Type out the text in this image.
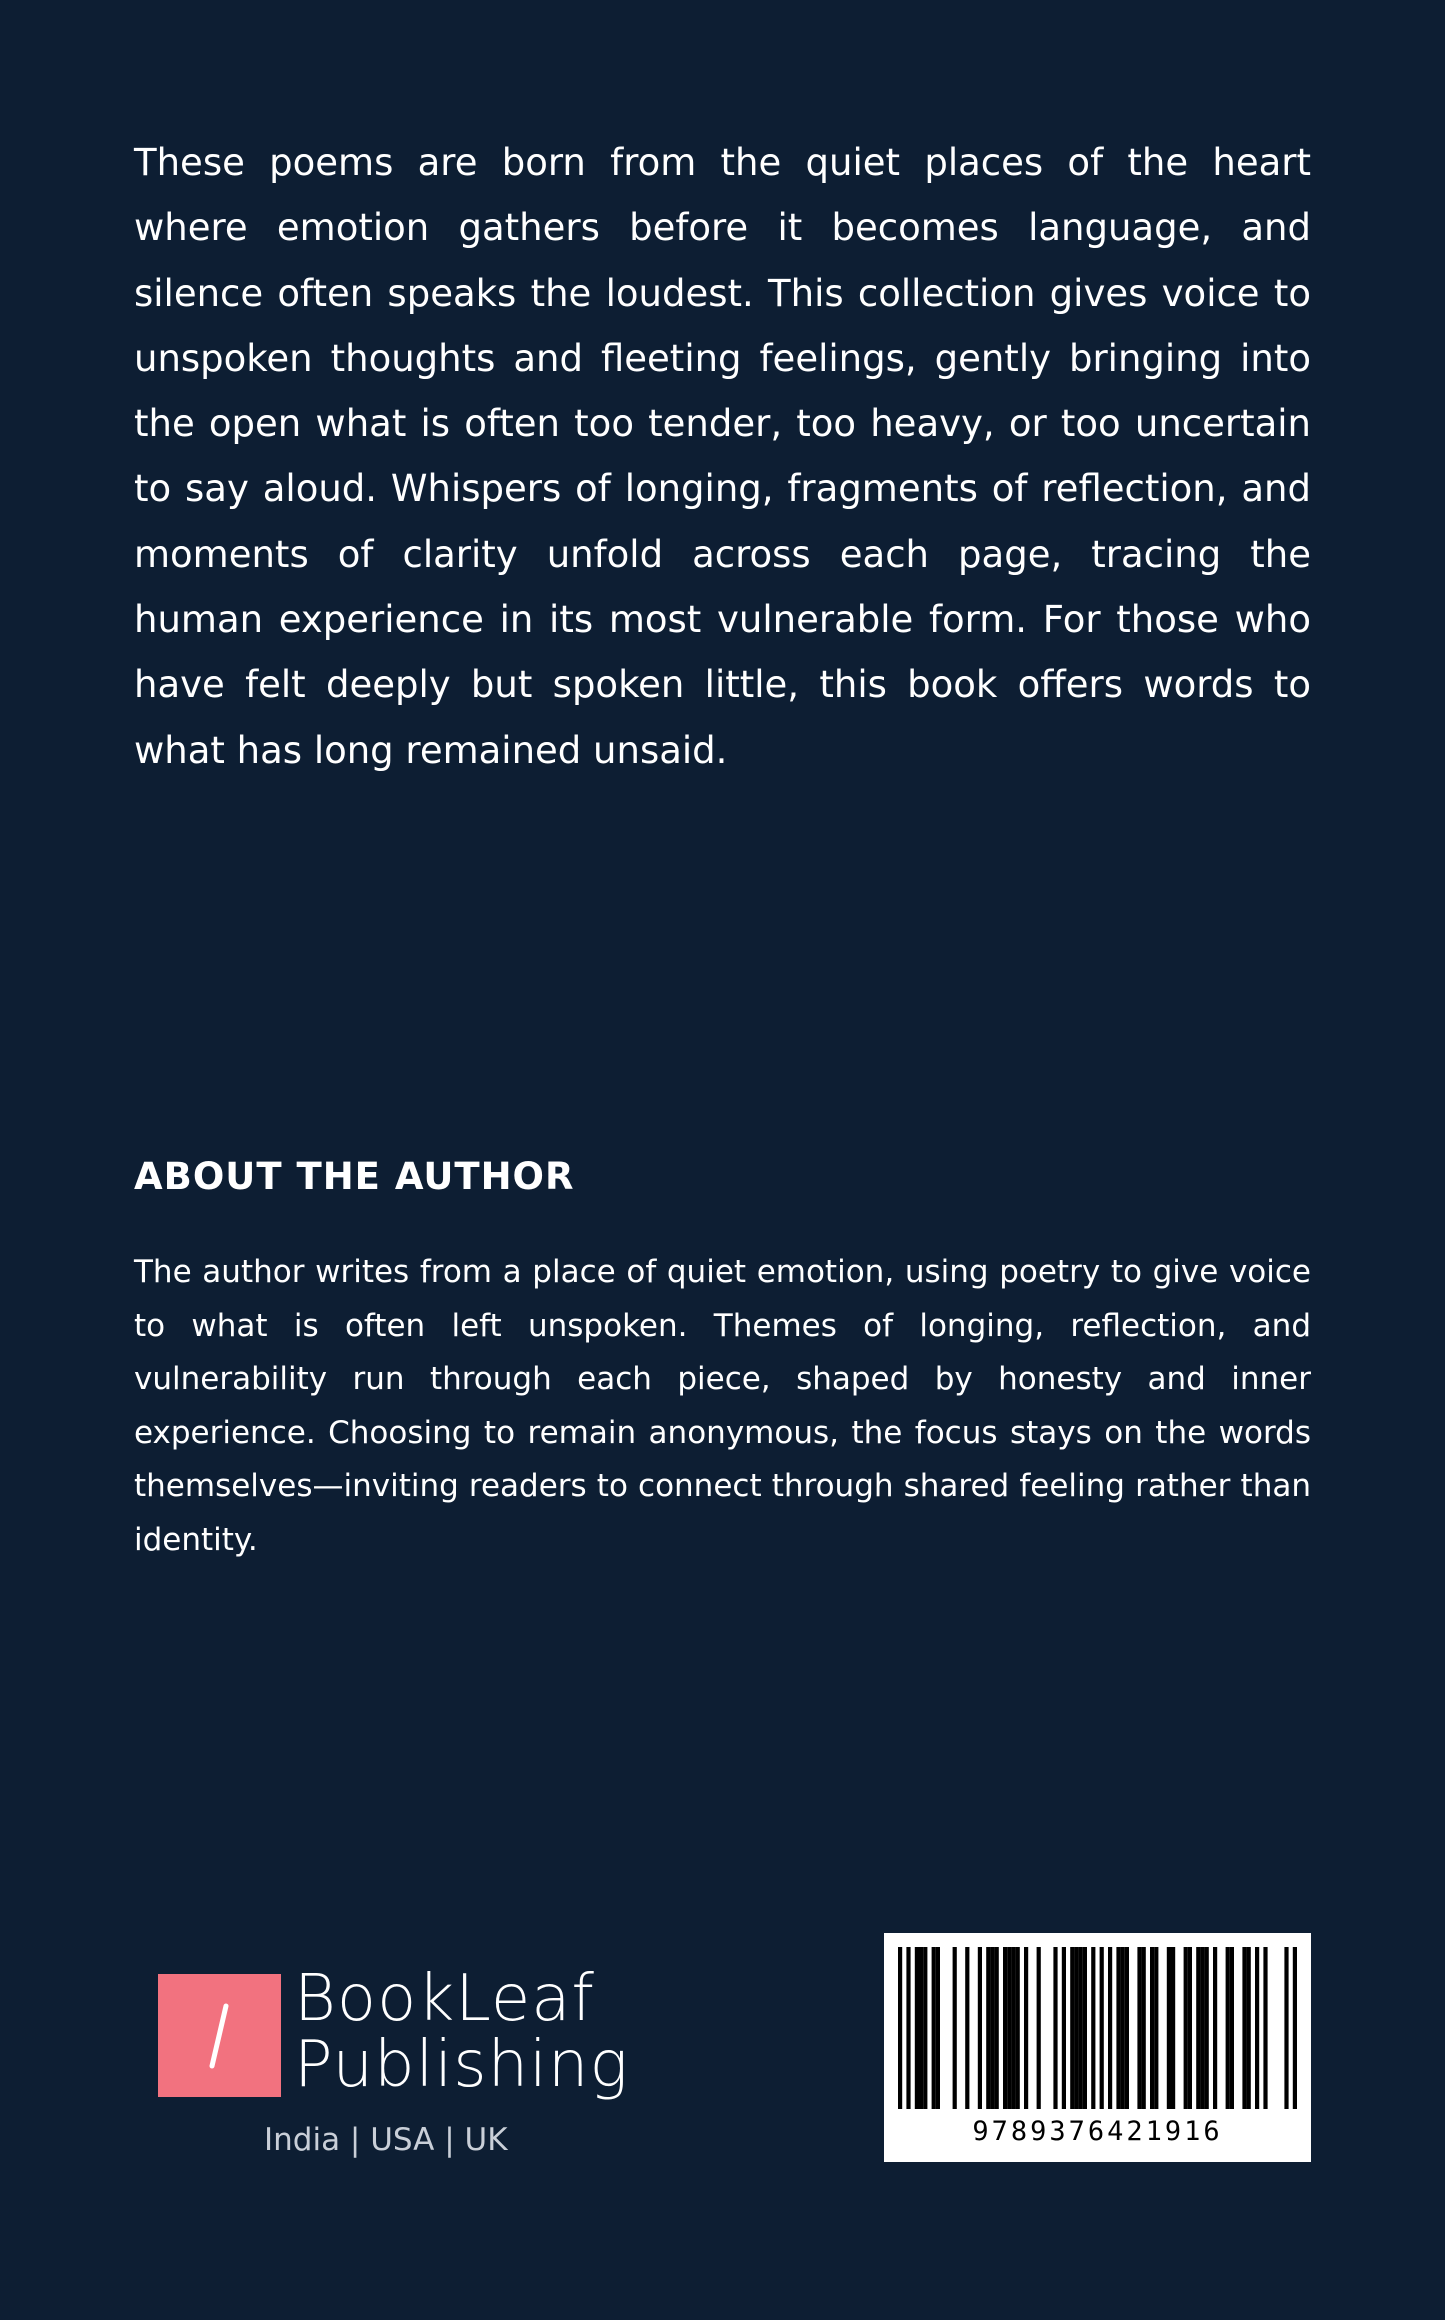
These poems are born from the quiet places of the heart where emotion gathers before it becomes language, and silence often speaks the loudest. This collection gives voice to unspoken thoughts and fleeting feelings, gently bringing into the open what is often too tender, too heavy, or too uncertain to say aloud. Whispers of longing, fragments of reflection, and moments of clarity unfold across each page, tracing the human experience in its most vulnerable form. For those who have felt deeply but spoken little, this book offers words to what has long remained unsaid.

ABOUT THE AUTHOR

The author writes from a place of quiet emotion, using poetry to give voice to what is often left unspoken. Themes of longing, reflection, and vulnerability run through each piece, shaped by honesty and inner experience. Choosing to remain anonymous, the focus stays on the words themselves—inviting readers to connect through shared feeling rather than identity.

BookLeaf
Publishing
India | USA | UK	9789376421916
